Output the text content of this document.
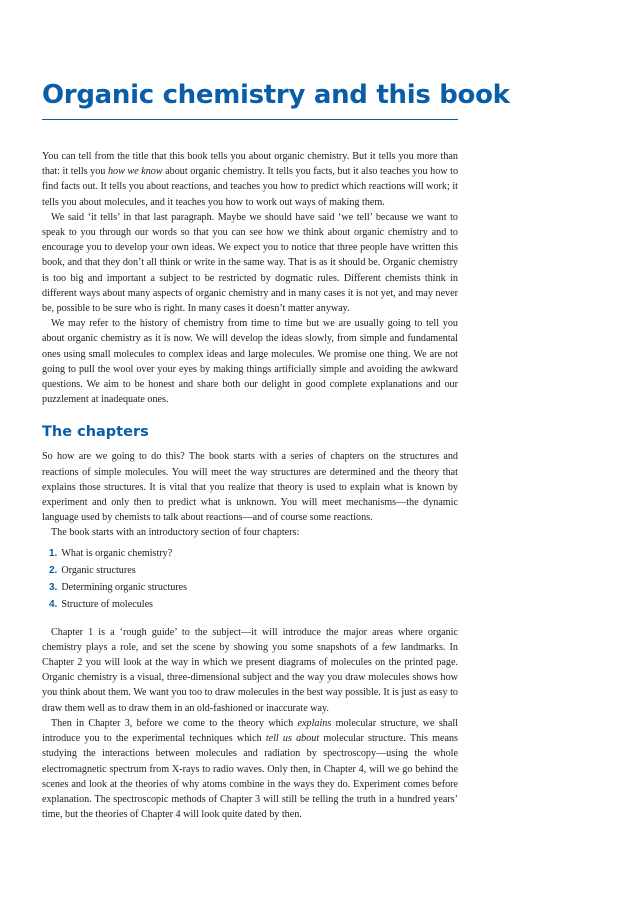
Organic chemistry and this book

You can tell from the title that this book tells you about organic chemistry. But it tells you more than that: it tells you how we know about organic chemistry. It tells you facts, but it also teaches you how to find facts out. It tells you about reactions, and teaches you how to predict which reactions will work; it tells you about molecules, and it teaches you how to work out ways of making them.

We said ‘it tells’ in that last paragraph. Maybe we should have said ‘we tell’ because we want to speak to you through our words so that you can see how we think about organic chemistry and to encourage you to develop your own ideas. We expect you to notice that three people have written this book, and that they don’t all think or write in the same way. That is as it should be. Organic chemistry is too big and important a subject to be restricted by dogmatic rules. Different chemists think in different ways about many aspects of organic chemistry and in many cases it is not yet, and may never be, possible to be sure who is right. In many cases it doesn’t matter anyway.

We may refer to the history of chemistry from time to time but we are usually going to tell you about organic chemistry as it is now. We will develop the ideas slowly, from simple and fundamental ones using small molecules to complex ideas and large molecules. We promise one thing. We are not going to pull the wool over your eyes by making things artificially simple and avoiding the awkward questions. We aim to be honest and share both our delight in good complete explanations and our puzzlement at inadequate ones.

The chapters

So how are we going to do this? The book starts with a series of chapters on the structures and reactions of simple molecules. You will meet the way structures are determined and the theory that explains those structures. It is vital that you realize that theory is used to explain what is known by experiment and only then to predict what is unknown. You will meet mechanisms—the dynamic language used by chemists to talk about reactions—and of course some reactions.

The book starts with an introductory section of four chapters:

1. What is organic chemistry?
2. Organic structures
3. Determining organic structures
4. Structure of molecules

Chapter 1 is a ‘rough guide’ to the subject—it will introduce the major areas where organic chemistry plays a role, and set the scene by showing you some snapshots of a few landmarks. In Chapter 2 you will look at the way in which we present diagrams of molecules on the printed page. Organic chemistry is a visual, three-dimensional subject and the way you draw molecules shows how you think about them. We want you too to draw molecules in the best way possible. It is just as easy to draw them well as to draw them in an old-fashioned or inaccurate way.

Then in Chapter 3, before we come to the theory which explains molecular structure, we shall introduce you to the experimental techniques which tell us about molecular structure. This means studying the interactions between molecules and radiation by spectroscopy—using the whole electromagnetic spectrum from X-rays to radio waves. Only then, in Chapter 4, will we go behind the scenes and look at the theories of why atoms combine in the ways they do. Experiment comes before explanation. The spectroscopic methods of Chapter 3 will still be telling the truth in a hundred years’ time, but the theories of Chapter 4 will look quite dated by then.
